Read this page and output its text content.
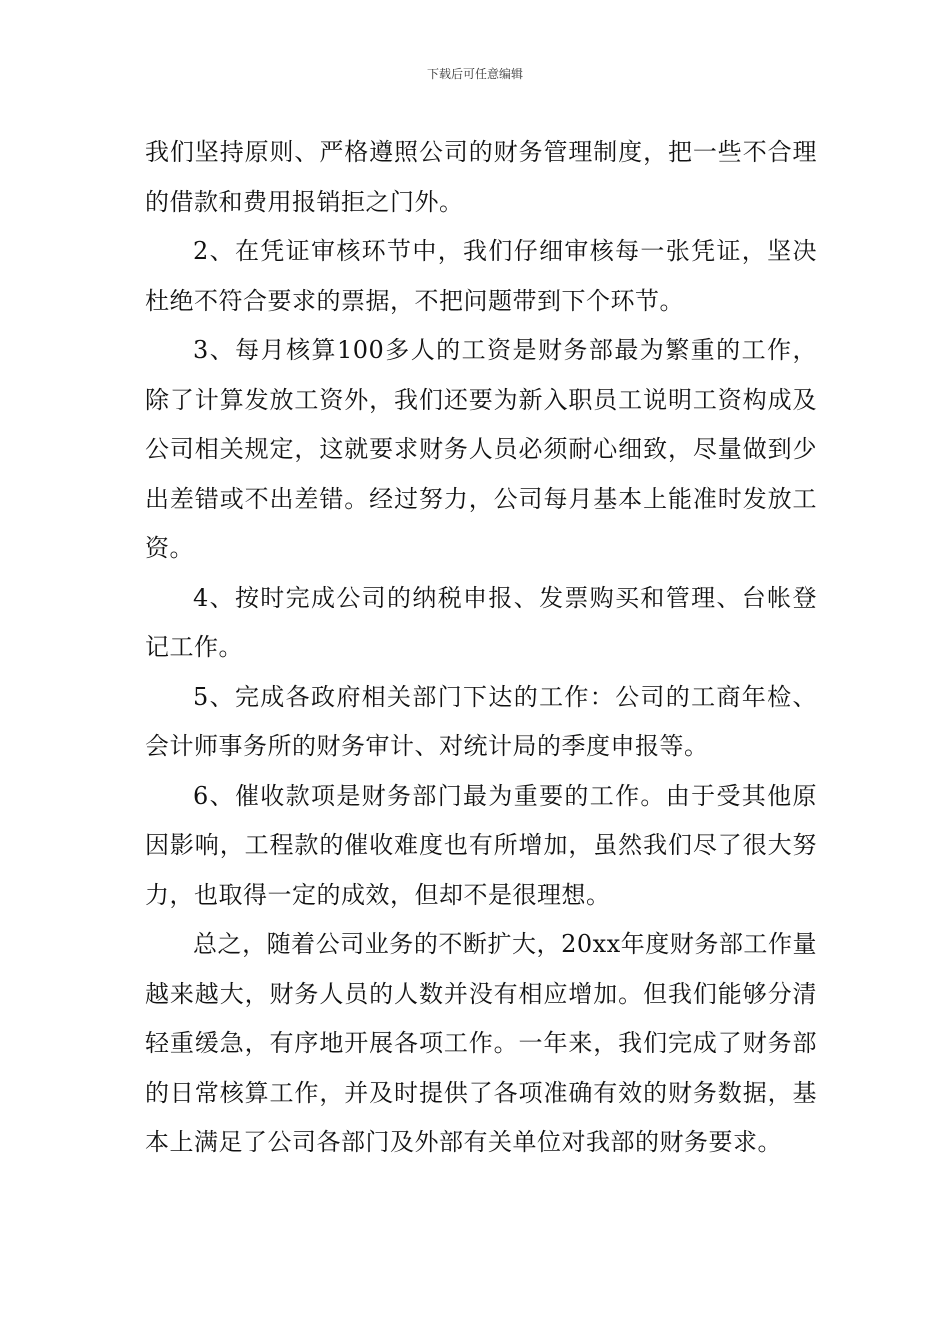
下载后可任意编辑

我们坚持原则、严格遵照公司的财务管理制度，把一些不合理的借款和费用报销拒之门外。

2、在凭证审核环节中，我们仔细审核每一张凭证，坚决杜绝不符合要求的票据，不把问题带到下个环节。

3、每月核算100多人的工资是财务部最为繁重的工作，除了计算发放工资外，我们还要为新入职员工说明工资构成及公司相关规定，这就要求财务人员必须耐心细致，尽量做到少出差错或不出差错。经过努力，公司每月基本上能准时发放工资。

4、按时完成公司的纳税申报、发票购买和管理、台帐登记工作。

5、完成各政府相关部门下达的工作：公司的工商年检、会计师事务所的财务审计、对统计局的季度申报等。

6、催收款项是财务部门最为重要的工作。由于受其他原因影响，工程款的催收难度也有所增加，虽然我们尽了很大努力，也取得一定的成效，但却不是很理想。

总之，随着公司业务的不断扩大，20xx年度财务部工作量越来越大，财务人员的人数并没有相应增加。但我们能够分清轻重缓急，有序地开展各项工作。一年来，我们完成了财务部的日常核算工作，并及时提供了各项准确有效的财务数据，基本上满足了公司各部门及外部有关单位对我部的财务要求。
